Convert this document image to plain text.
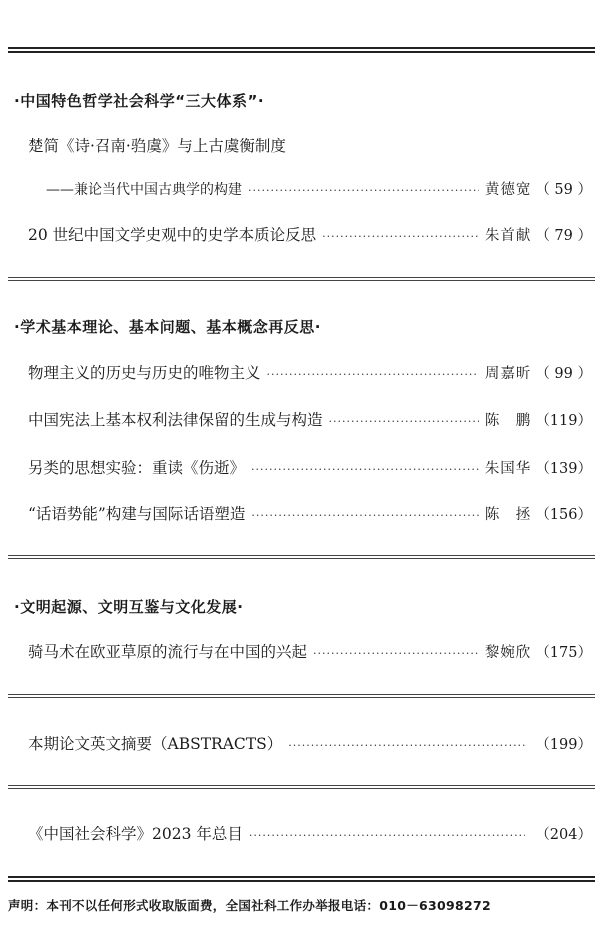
·中国特色哲学社会科学“三大体系”·
楚简《诗·召南·驺虞》与上古虞衡制度
——兼论当代中国古典学的构建 ·····	黄德宽 （ 59 ）
20 世纪中国文学史观中的史学本质论反思 ·····	朱首献 （ 79 ）
·学术基本理论、基本问题、基本概念再反思·
物理主义的历史与历史的唯物主义 ·····	周嘉昕 （ 99 ）
中国宪法上基本权利法律保留的生成与构造 ·····	陈　鹏 （119）
另类的思想实验：重读《伤逝》 ·····	朱国华 （139）
“话语势能”构建与国际话语塑造 ·····	陈　拯 （156）
·文明起源、文明互鉴与文化发展·
骑马术在欧亚草原的流行与在中国的兴起 ·····	黎婉欣 （175）
本期论文英文摘要（ABSTRACTS） ·····	（199）
《中国社会科学》2023 年总目 ·····	（204）
声明：本刊不以任何形式收取版面费，全国社科工作办举报电话：010－63098272
